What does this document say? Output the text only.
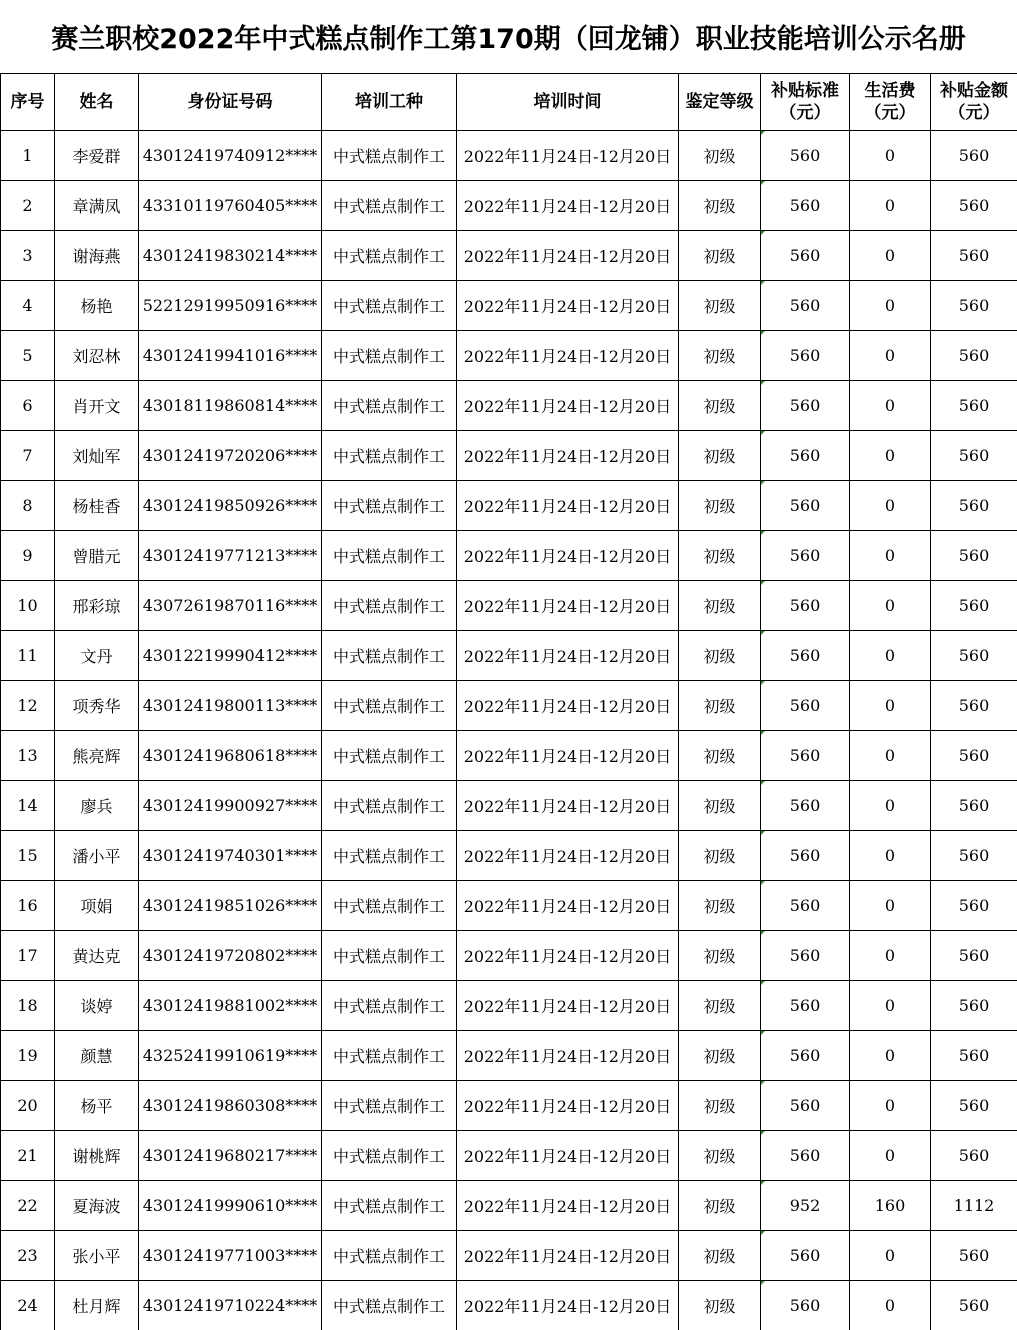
赛兰职校2022年中式糕点制作工第170期（回龙铺）职业技能培训公示名册
序号	姓名	身份证号码	培训工种	培训时间	鉴定等级	补贴标准（元）	生活费（元）	补贴金额（元）
1	李爱群	43012419740912****	中式糕点制作工	2022年11月24日-12月20日	初级	560	0	560
2	章满凤	43310119760405****	中式糕点制作工	2022年11月24日-12月20日	初级	560	0	560
3	谢海燕	43012419830214****	中式糕点制作工	2022年11月24日-12月20日	初级	560	0	560
4	杨艳	52212919950916****	中式糕点制作工	2022年11月24日-12月20日	初级	560	0	560
5	刘忍林	43012419941016****	中式糕点制作工	2022年11月24日-12月20日	初级	560	0	560
6	肖开文	43018119860814****	中式糕点制作工	2022年11月24日-12月20日	初级	560	0	560
7	刘灿军	43012419720206****	中式糕点制作工	2022年11月24日-12月20日	初级	560	0	560
8	杨桂香	43012419850926****	中式糕点制作工	2022年11月24日-12月20日	初级	560	0	560
9	曾腊元	43012419771213****	中式糕点制作工	2022年11月24日-12月20日	初级	560	0	560
10	邢彩琼	43072619870116****	中式糕点制作工	2022年11月24日-12月20日	初级	560	0	560
11	文丹	43012219990412****	中式糕点制作工	2022年11月24日-12月20日	初级	560	0	560
12	项秀华	43012419800113****	中式糕点制作工	2022年11月24日-12月20日	初级	560	0	560
13	熊亮辉	43012419680618****	中式糕点制作工	2022年11月24日-12月20日	初级	560	0	560
14	廖兵	43012419900927****	中式糕点制作工	2022年11月24日-12月20日	初级	560	0	560
15	潘小平	43012419740301****	中式糕点制作工	2022年11月24日-12月20日	初级	560	0	560
16	项娟	43012419851026****	中式糕点制作工	2022年11月24日-12月20日	初级	560	0	560
17	黄达克	43012419720802****	中式糕点制作工	2022年11月24日-12月20日	初级	560	0	560
18	谈婷	43012419881002****	中式糕点制作工	2022年11月24日-12月20日	初级	560	0	560
19	颜慧	43252419910619****	中式糕点制作工	2022年11月24日-12月20日	初级	560	0	560
20	杨平	43012419860308****	中式糕点制作工	2022年11月24日-12月20日	初级	560	0	560
21	谢桃辉	43012419680217****	中式糕点制作工	2022年11月24日-12月20日	初级	560	0	560
22	夏海波	43012419990610****	中式糕点制作工	2022年11月24日-12月20日	初级	952	160	1112
23	张小平	43012419771003****	中式糕点制作工	2022年11月24日-12月20日	初级	560	0	560
24	杜月辉	43012419710224****	中式糕点制作工	2022年11月24日-12月20日	初级	560	0	560
